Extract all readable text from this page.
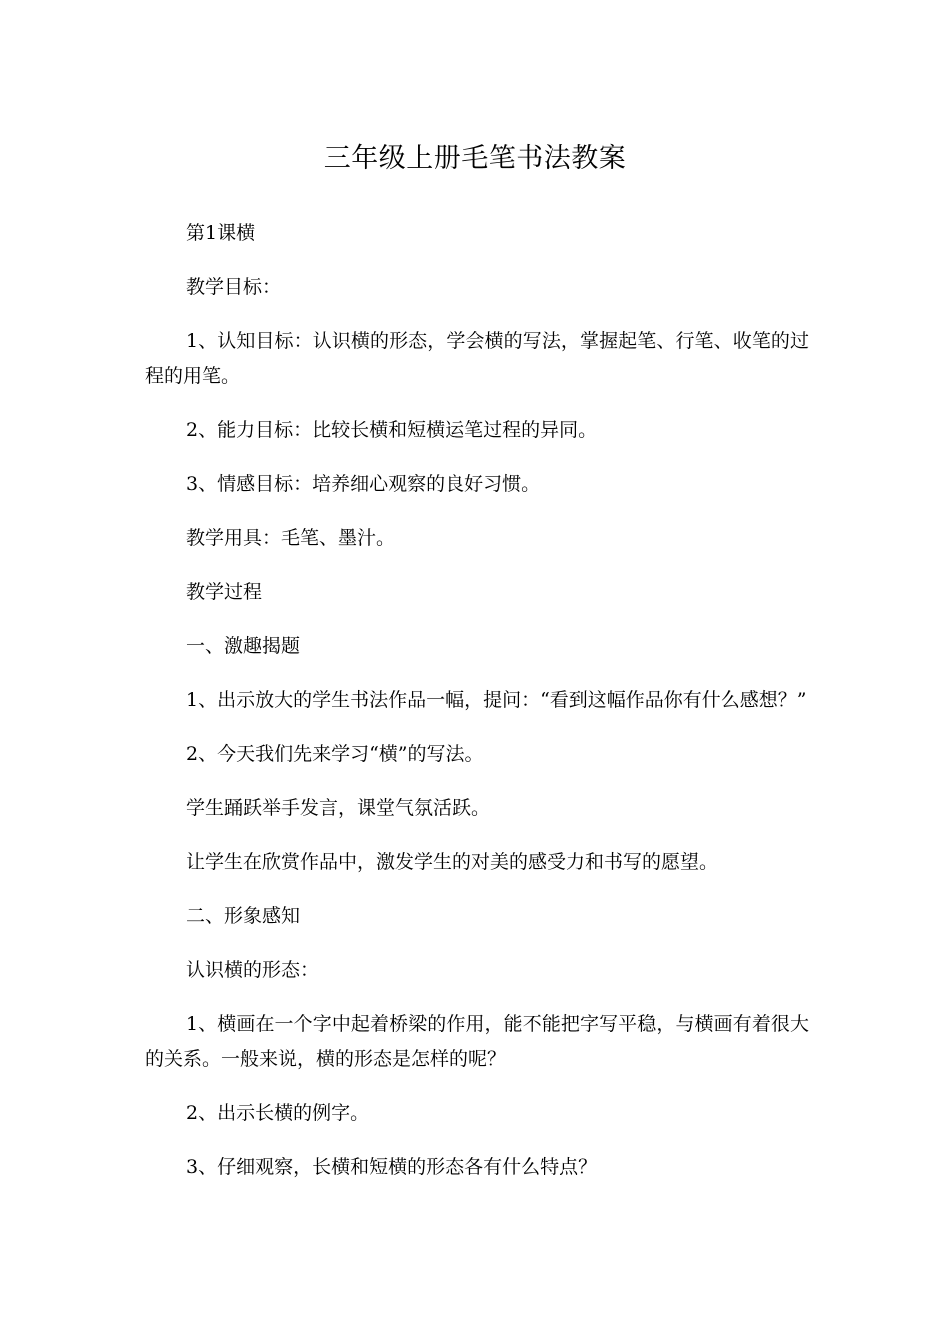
三年级上册毛笔书法教案

第1课横

教学目标：

1、认知目标：认识横的形态，学会横的写法，掌握起笔、行笔、收笔的过程的用笔。

2、能力目标：比较长横和短横运笔过程的异同。

3、情感目标：培养细心观察的良好习惯。

教学用具：毛笔、墨汁。

教学过程

一、激趣揭题

1、出示放大的学生书法作品一幅，提问：“看到这幅作品你有什么感想？”

2、今天我们先来学习“横”的写法。

学生踊跃举手发言，课堂气氛活跃。

让学生在欣赏作品中，激发学生的对美的感受力和书写的愿望。

二、形象感知

认识横的形态：

1、横画在一个字中起着桥梁的作用，能不能把字写平稳，与横画有着很大的关系。一般来说，横的形态是怎样的呢？

2、出示长横的例字。

3、仔细观察，长横和短横的形态各有什么特点？
